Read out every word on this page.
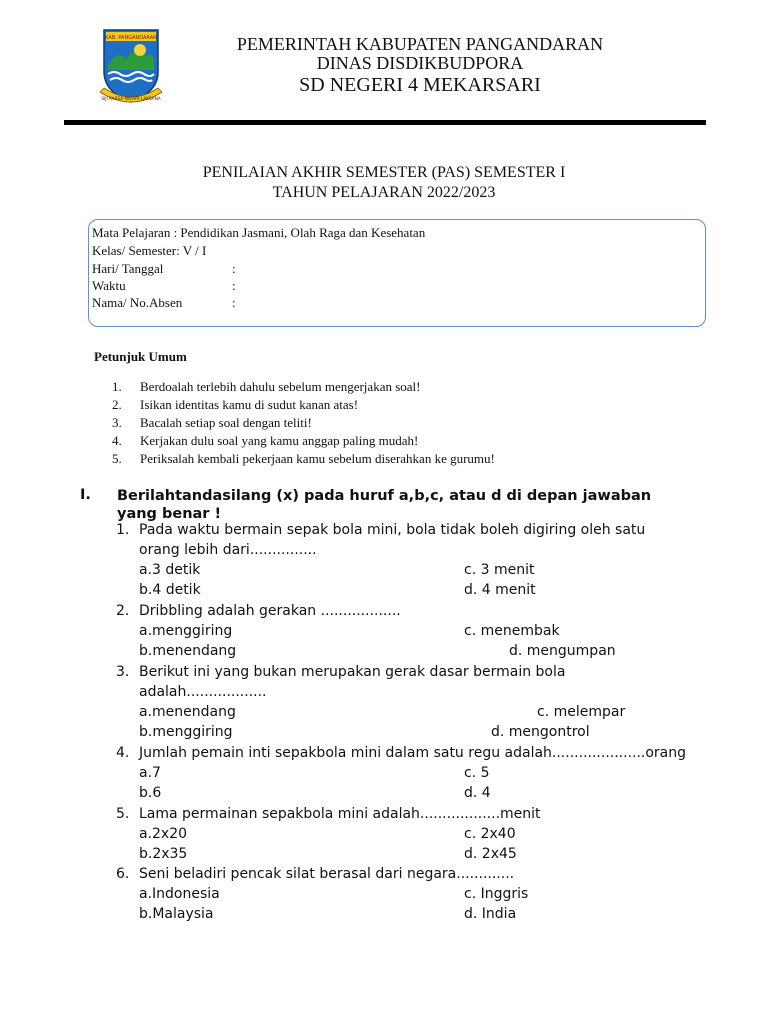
KAB. PANGANDARAN
SIJI KARSA MIKAYA LAKSANA
PEMERINTAH KABUPATEN PANGANDARAN
DINAS DISDIKBUDPORA
SD NEGERI 4 MEKARSARI
PENILAIAN AKHIR SEMESTER (PAS) SEMESTER I
TAHUN PELAJARAN 2022/2023
Mata Pelajaran : Pendidikan Jasmani, Olah Raga dan Kesehatan
Kelas/ Semester: V / I
Hari/ Tanggal	:
Waktu	:
Nama/ No.Absen	:
Petunjuk Umum
1. Berdoalah terlebih dahulu sebelum mengerjakan soal!
2. Isikan identitas kamu di sudut kanan atas!
3. Bacalah setiap soal dengan teliti!
4. Kerjakan dulu soal yang kamu anggap paling mudah!
5. Periksalah kembali pekerjaan kamu sebelum diserahkan ke gurumu!
I. Berilahtandasilang (x) pada huruf a,b,c, atau d di depan jawaban yang benar !
1. Pada waktu bermain sepak bola mini, bola tidak boleh digiring oleh satu
orang lebih dari...............
a.3 detik	c. 3 menit
b.4 detik	d. 4 menit
2. Dribbling adalah gerakan ..................
a.menggiring	c. menembak
b.menendang	d. mengumpan
3. Berikut ini yang bukan merupakan gerak dasar bermain bola
adalah..................
a.menendang	c. melempar
b.menggiring	d. mengontrol
4. Jumlah pemain inti sepakbola mini dalam satu regu adalah.....................orang
a.7	c. 5
b.6	d. 4
5. Lama permainan sepakbola mini adalah..................menit
a.2x20	c. 2x40
b.2x35	d. 2x45
6. Seni beladiri pencak silat berasal dari negara.............
a.Indonesia	c. Inggris
b.Malaysia	d. India
